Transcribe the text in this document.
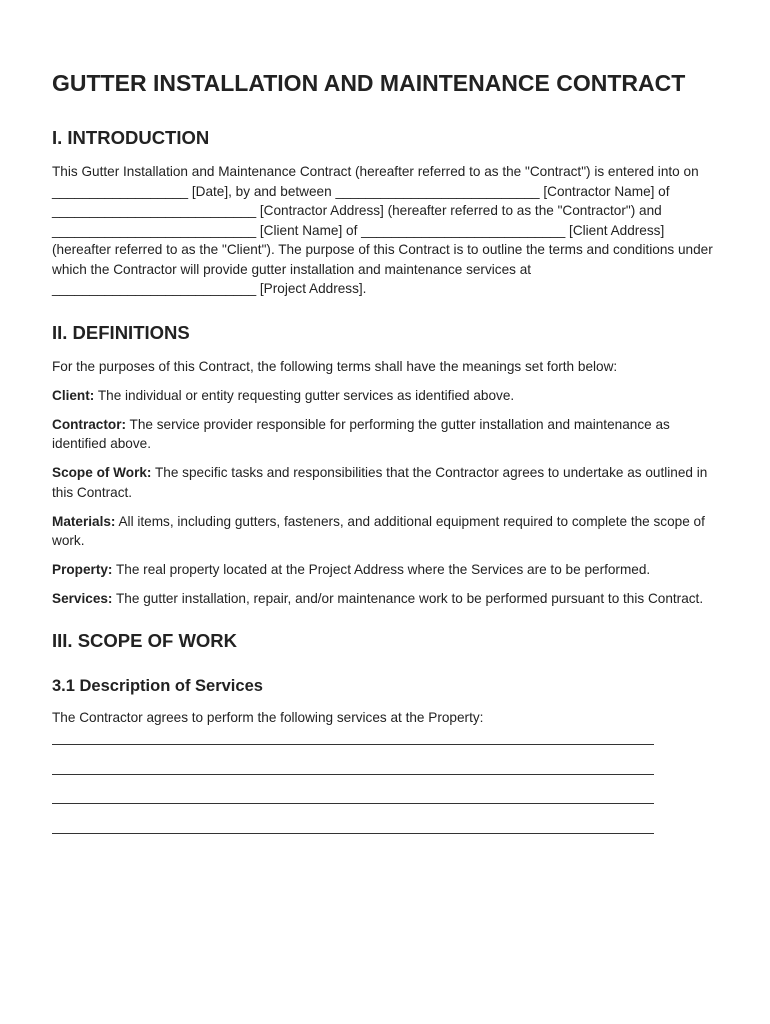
GUTTER INSTALLATION AND MAINTENANCE CONTRACT
I. INTRODUCTION

This Gutter Installation and Maintenance Contract (hereafter referred to as the "Contract") is entered into on __________________ [Date], by and between ___________________________ [Contractor Name] of ___________________________ [Contractor Address] (hereafter referred to as the "Contractor") and ___________________________ [Client Name] of ___________________________ [Client Address] (hereafter referred to as the "Client"). The purpose of this Contract is to outline the terms and conditions under which the Contractor will provide gutter installation and maintenance services at ___________________________ [Project Address].

II. DEFINITIONS

For the purposes of this Contract, the following terms shall have the meanings set forth below:

Client: The individual or entity requesting gutter services as identified above.

Contractor: The service provider responsible for performing the gutter installation and maintenance as identified above.

Scope of Work: The specific tasks and responsibilities that the Contractor agrees to undertake as outlined in this Contract.

Materials: All items, including gutters, fasteners, and additional equipment required to complete the scope of work.

Property: The real property located at the Project Address where the Services are to be performed.

Services: The gutter installation, repair, and/or maintenance work to be performed pursuant to this Contract.

III. SCOPE OF WORK
3.1 Description of Services

The Contractor agrees to perform the following services at the Property:
